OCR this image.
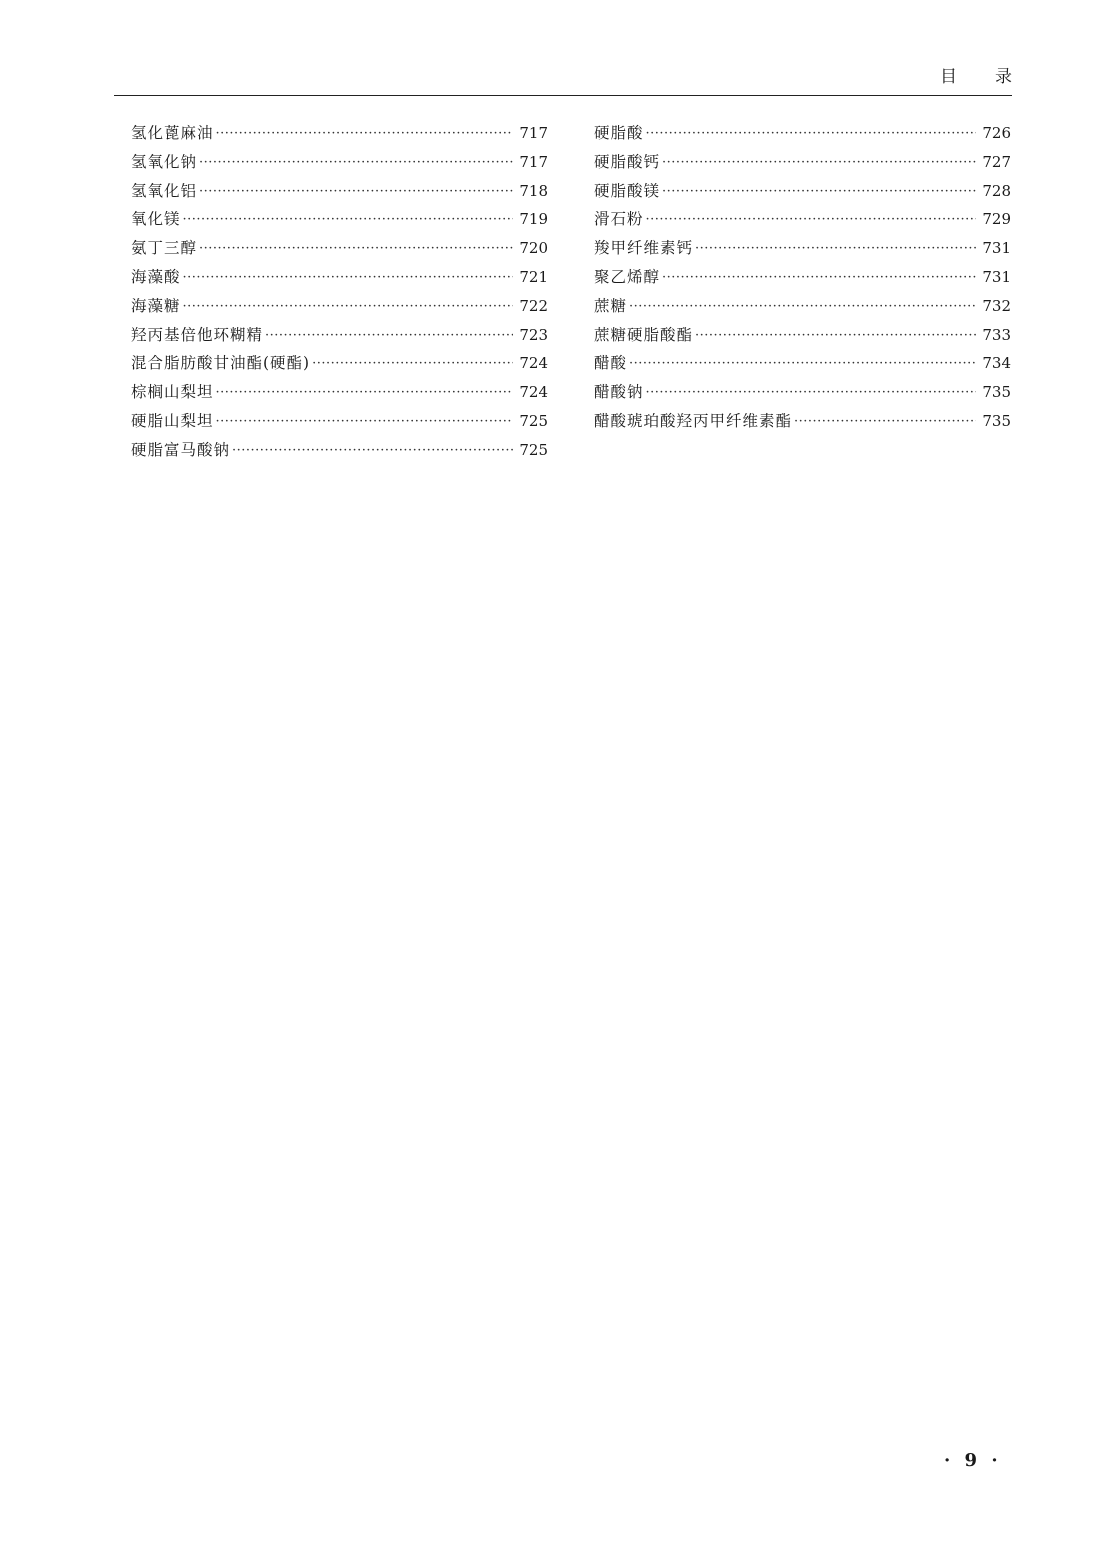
目录
氢化蓖麻油 ·····	717
氢氧化钠 ·····	717
氢氧化铝 ·····	718
氧化镁 ·····	719
氨丁三醇 ·····	720
海藻酸 ·····	721
海藻糖 ·····	722
羟丙基倍他环糊精 ·····	723
混合脂肪酸甘油酯(硬酯) ·····	724
棕榈山梨坦 ·····	724
硬脂山梨坦 ·····	725
硬脂富马酸钠 ·····	725
硬脂酸 ·····	726
硬脂酸钙 ·····	727
硬脂酸镁 ·····	728
滑石粉 ·····	729
羧甲纤维素钙 ·····	731
聚乙烯醇 ·····	731
蔗糖 ·····	732
蔗糖硬脂酸酯 ·····	733
醋酸 ·····	734
醋酸钠 ·····	735
醋酸琥珀酸羟丙甲纤维素酯 ·····	735
· 9 ·
